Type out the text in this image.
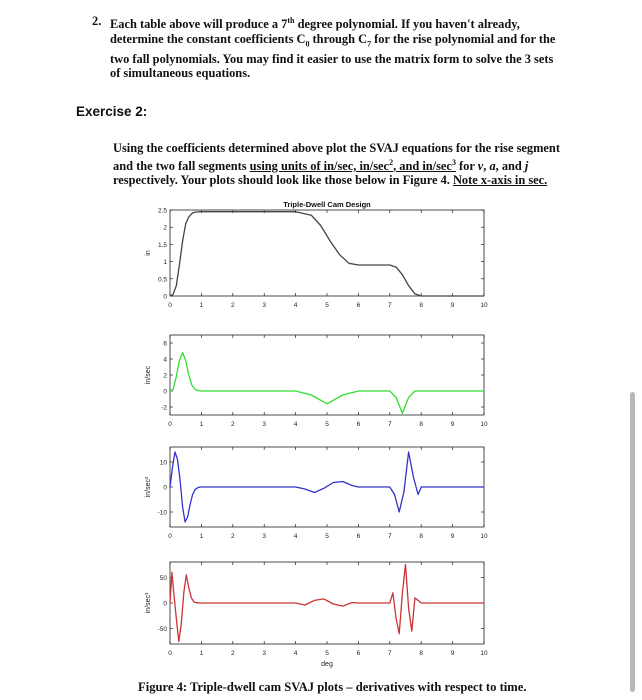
2. Each table above will produce a 7th degree polynomial. If you haven't already, determine the constant coefficients $C_0$ through $C_7$ for the rise polynomial and for the two fall polynomials. You may find it easier to use the matrix form to solve the 3 sets of simultaneous equations.
Exercise 2:
Using the coefficients determined above plot the SVAJ equations for the rise segment and the two fall segments using units of in/sec, $in/\sec^2$, and $in/\sec^3$ for v, a, and j respectively. Your plots should look like those below in Figure 4. Note x-axis in sec.
0	1	2	3	4	5	6	7	8	9	10
0
0.5
1
1.5
2
2.5
in
Triple-Dwell Cam Design
0	1	2	3	4	5	6	7	8	9	10
-2
0
2
4
6
in/sec
0	1	2	3	4	5	6	7	8	9	10
-10
0
10
in/sec²
0	1	2	3	4	5	6	7	8	9	10
-50
0
50
in/sec³
deg
Figure 4: Triple-dwell cam SVAJ plots – derivatives with respect to time.
